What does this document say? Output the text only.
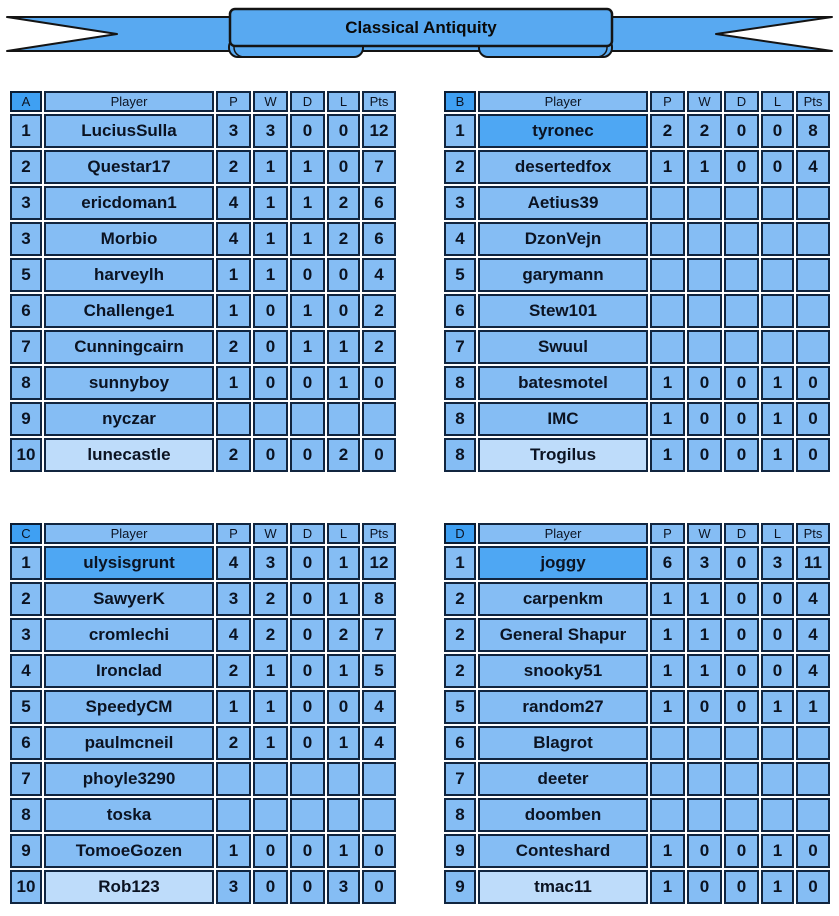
Classical Antiquity
A	Player	P	W	D	L	Pts
1	LuciusSulla	3	3	0	0	12
2	Questar17	2	1	1	0	7
3	ericdoman1	4	1	1	2	6
3	Morbio	4	1	1	2	6
5	harveylh	1	1	0	0	4
6	Challenge1	1	0	1	0	2
7	Cunningcairn	2	0	1	1	2
8	sunnyboy	1	0	0	1	0
9	nyczar					
10	lunecastle	2	0	0	2	0
B	Player	P	W	D	L	Pts
1	tyronec	2	2	0	0	8
2	desertedfox	1	1	0	0	4
3	Aetius39					
4	DzonVejn					
5	garymann					
6	Stew101					
7	Swuul					
8	batesmotel	1	0	0	1	0
8	IMC	1	0	0	1	0
8	Trogilus	1	0	0	1	0
C	Player	P	W	D	L	Pts
1	ulysisgrunt	4	3	0	1	12
2	SawyerK	3	2	0	1	8
3	cromlechi	4	2	0	2	7
4	Ironclad	2	1	0	1	5
5	SpeedyCM	1	1	0	0	4
6	paulmcneil	2	1	0	1	4
7	phoyle3290					
8	toska					
9	TomoeGozen	1	0	0	1	0
10	Rob123	3	0	0	3	0
D	Player	P	W	D	L	Pts
1	joggy	6	3	0	3	11
2	carpenkm	1	1	0	0	4
2	General Shapur	1	1	0	0	4
2	snooky51	1	1	0	0	4
5	random27	1	0	0	1	1
6	Blagrot					
7	deeter					
8	doomben					
9	Conteshard	1	0	0	1	0
9	tmac11	1	0	0	1	0
